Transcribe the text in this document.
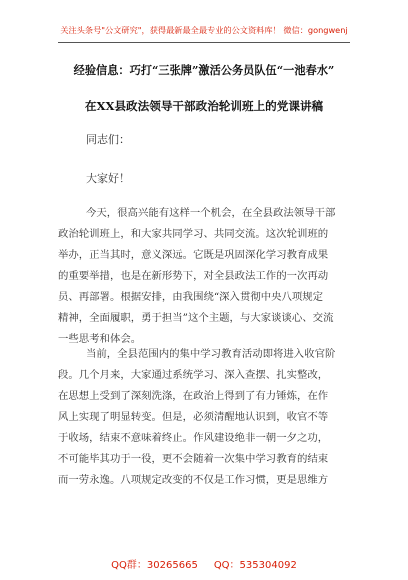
关注头条号"公文研究"，获得最新最全最专业的公文资料库！ 微信：gongwenj
经验信息：巧打“三张牌”激活公务员队伍“一池春水”
在XX县政法领导干部政治轮训班上的党课讲稿
同志们：
大家好！
今天，很高兴能有这样一个机会，在全县政法领导干部
政治轮训班上，和大家共同学习、共同交流。这次轮训班的
举办，正当其时，意义深远。它既是巩固深化学习教育成果
的重要举措，也是在新形势下，对全县政法工作的一次再动
员、再部署。根据安排，由我围绕“深入贯彻中央八项规定
精神，全面履职，勇于担当”这个主题，与大家谈谈心、交流
一些思考和体会。
当前，全县范围内的集中学习教育活动即将进入收官阶
段。几个月来，大家通过系统学习、深入查摆、扎实整改，
在思想上受到了深刻洗涤，在政治上得到了有力锤炼，在作
风上实现了明显转变。但是，必须清醒地认识到，收官不等
于收场，结束不意味着终止。作风建设绝非一朝一夕之功，
不可能毕其功于一役，更不会随着一次集中学习教育的结束
而一劳永逸。八项规定改变的不仅是工作习惯，更是思维方
QQ群：30265665 QQ：535304092
